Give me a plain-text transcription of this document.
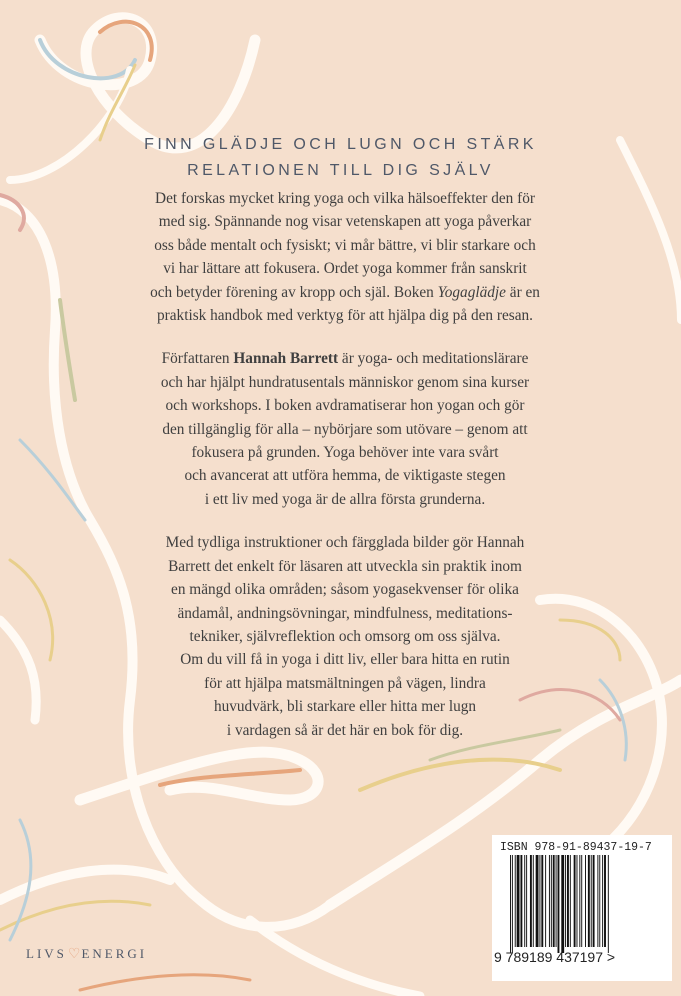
FINN GLÄDJE OCH LUGN OCH STÄRK
RELATIONEN TILL DIG SJÄLV

Det forskas mycket kring yoga och vilka hälsoeffekter den för
med sig. Spännande nog visar vetenskapen att yoga påverkar
oss både mentalt och fysiskt; vi mår bättre, vi blir starkare och
vi har lättare att fokusera. Ordet yoga kommer från sanskrit
och betyder förening av kropp och själ. Boken Yogaglädje är en
praktisk handbok med verktyg för att hjälpa dig på den resan.

Författaren Hannah Barrett är yoga- och meditationslärare
och har hjälpt hundratusentals människor genom sina kurser
och workshops. I boken avdramatiserar hon yogan och gör
den tillgänglig för alla – nybörjare som utövare – genom att
fokusera på grunden. Yoga behöver inte vara svårt
och avancerat att utföra hemma, de viktigaste stegen
i ett liv med yoga är de allra första grunderna.

Med tydliga instruktioner och färgglada bilder gör Hannah
Barrett det enkelt för läsaren att utveckla sin praktik inom
en mängd olika områden; såsom yogasekvenser för olika
ändamål, andningsövningar, mindfulness, meditations-
tekniker, självreflektion och omsorg om oss själva.
Om du vill få in yoga i ditt liv, eller bara hitta en rutin
för att hjälpa matsmältningen på vägen, lindra
huvudvärk, bli starkare eller hitta mer lugn
i vardagen så är det här en bok för dig.

LIVS♡ENERGI
ISBN 978-91-89437-19-7
9 789189 437197 >
